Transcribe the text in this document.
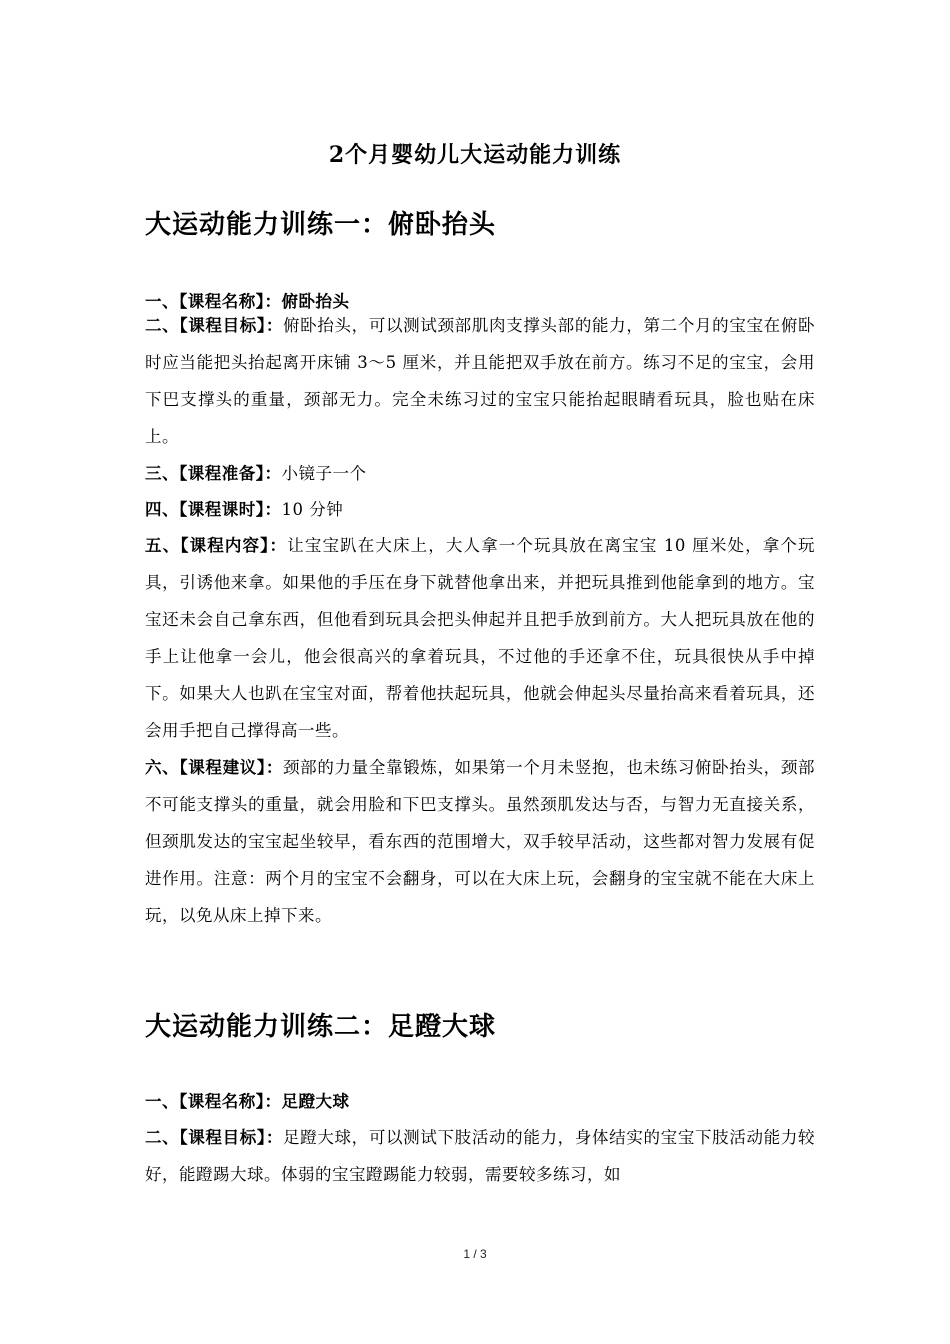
2个月婴幼儿大运动能力训练
大运动能力训练一：俯卧抬头
一、【课程名称】：俯卧抬头
二、【课程目标】：俯卧抬头，可以测试颈部肌肉支撑头部的能力，第二个月的宝宝在俯卧时应当能把头抬起离开床铺 3～5 厘米，并且能把双手放在前方。练习不足的宝宝，会用下巴支撑头的重量，颈部无力。完全未练习过的宝宝只能抬起眼睛看玩具，脸也贴在床上。
三、【课程准备】：小镜子一个
四、【课程课时】：10 分钟
五、【课程内容】：让宝宝趴在大床上，大人拿一个玩具放在离宝宝 10 厘米处，拿个玩具，引诱他来拿。如果他的手压在身下就替他拿出来，并把玩具推到他能拿到的地方。宝宝还未会自己拿东西，但他看到玩具会把头伸起并且把手放到前方。大人把玩具放在他的手上让他拿一会儿，他会很高兴的拿着玩具，不过他的手还拿不住，玩具很快从手中掉下。如果大人也趴在宝宝对面，帮着他扶起玩具，他就会伸起头尽量抬高来看着玩具，还会用手把自己撑得高一些。
六、【课程建议】：颈部的力量全靠锻炼，如果第一个月未竖抱，也未练习俯卧抬头，颈部不可能支撑头的重量，就会用脸和下巴支撑头。虽然颈肌发达与否，与智力无直接关系，但颈肌发达的宝宝起坐较早，看东西的范围增大，双手较早活动，这些都对智力发展有促进作用。注意：两个月的宝宝不会翻身，可以在大床上玩，会翻身的宝宝就不能在大床上玩，以免从床上掉下来。
大运动能力训练二：足蹬大球
一、【课程名称】：足蹬大球
二、【课程目标】：足蹬大球，可以测试下肢活动的能力，身体结实的宝宝下肢活动能力较好，能蹬踢大球。体弱的宝宝蹬踢能力较弱，需要较多练习，如
1 / 3
